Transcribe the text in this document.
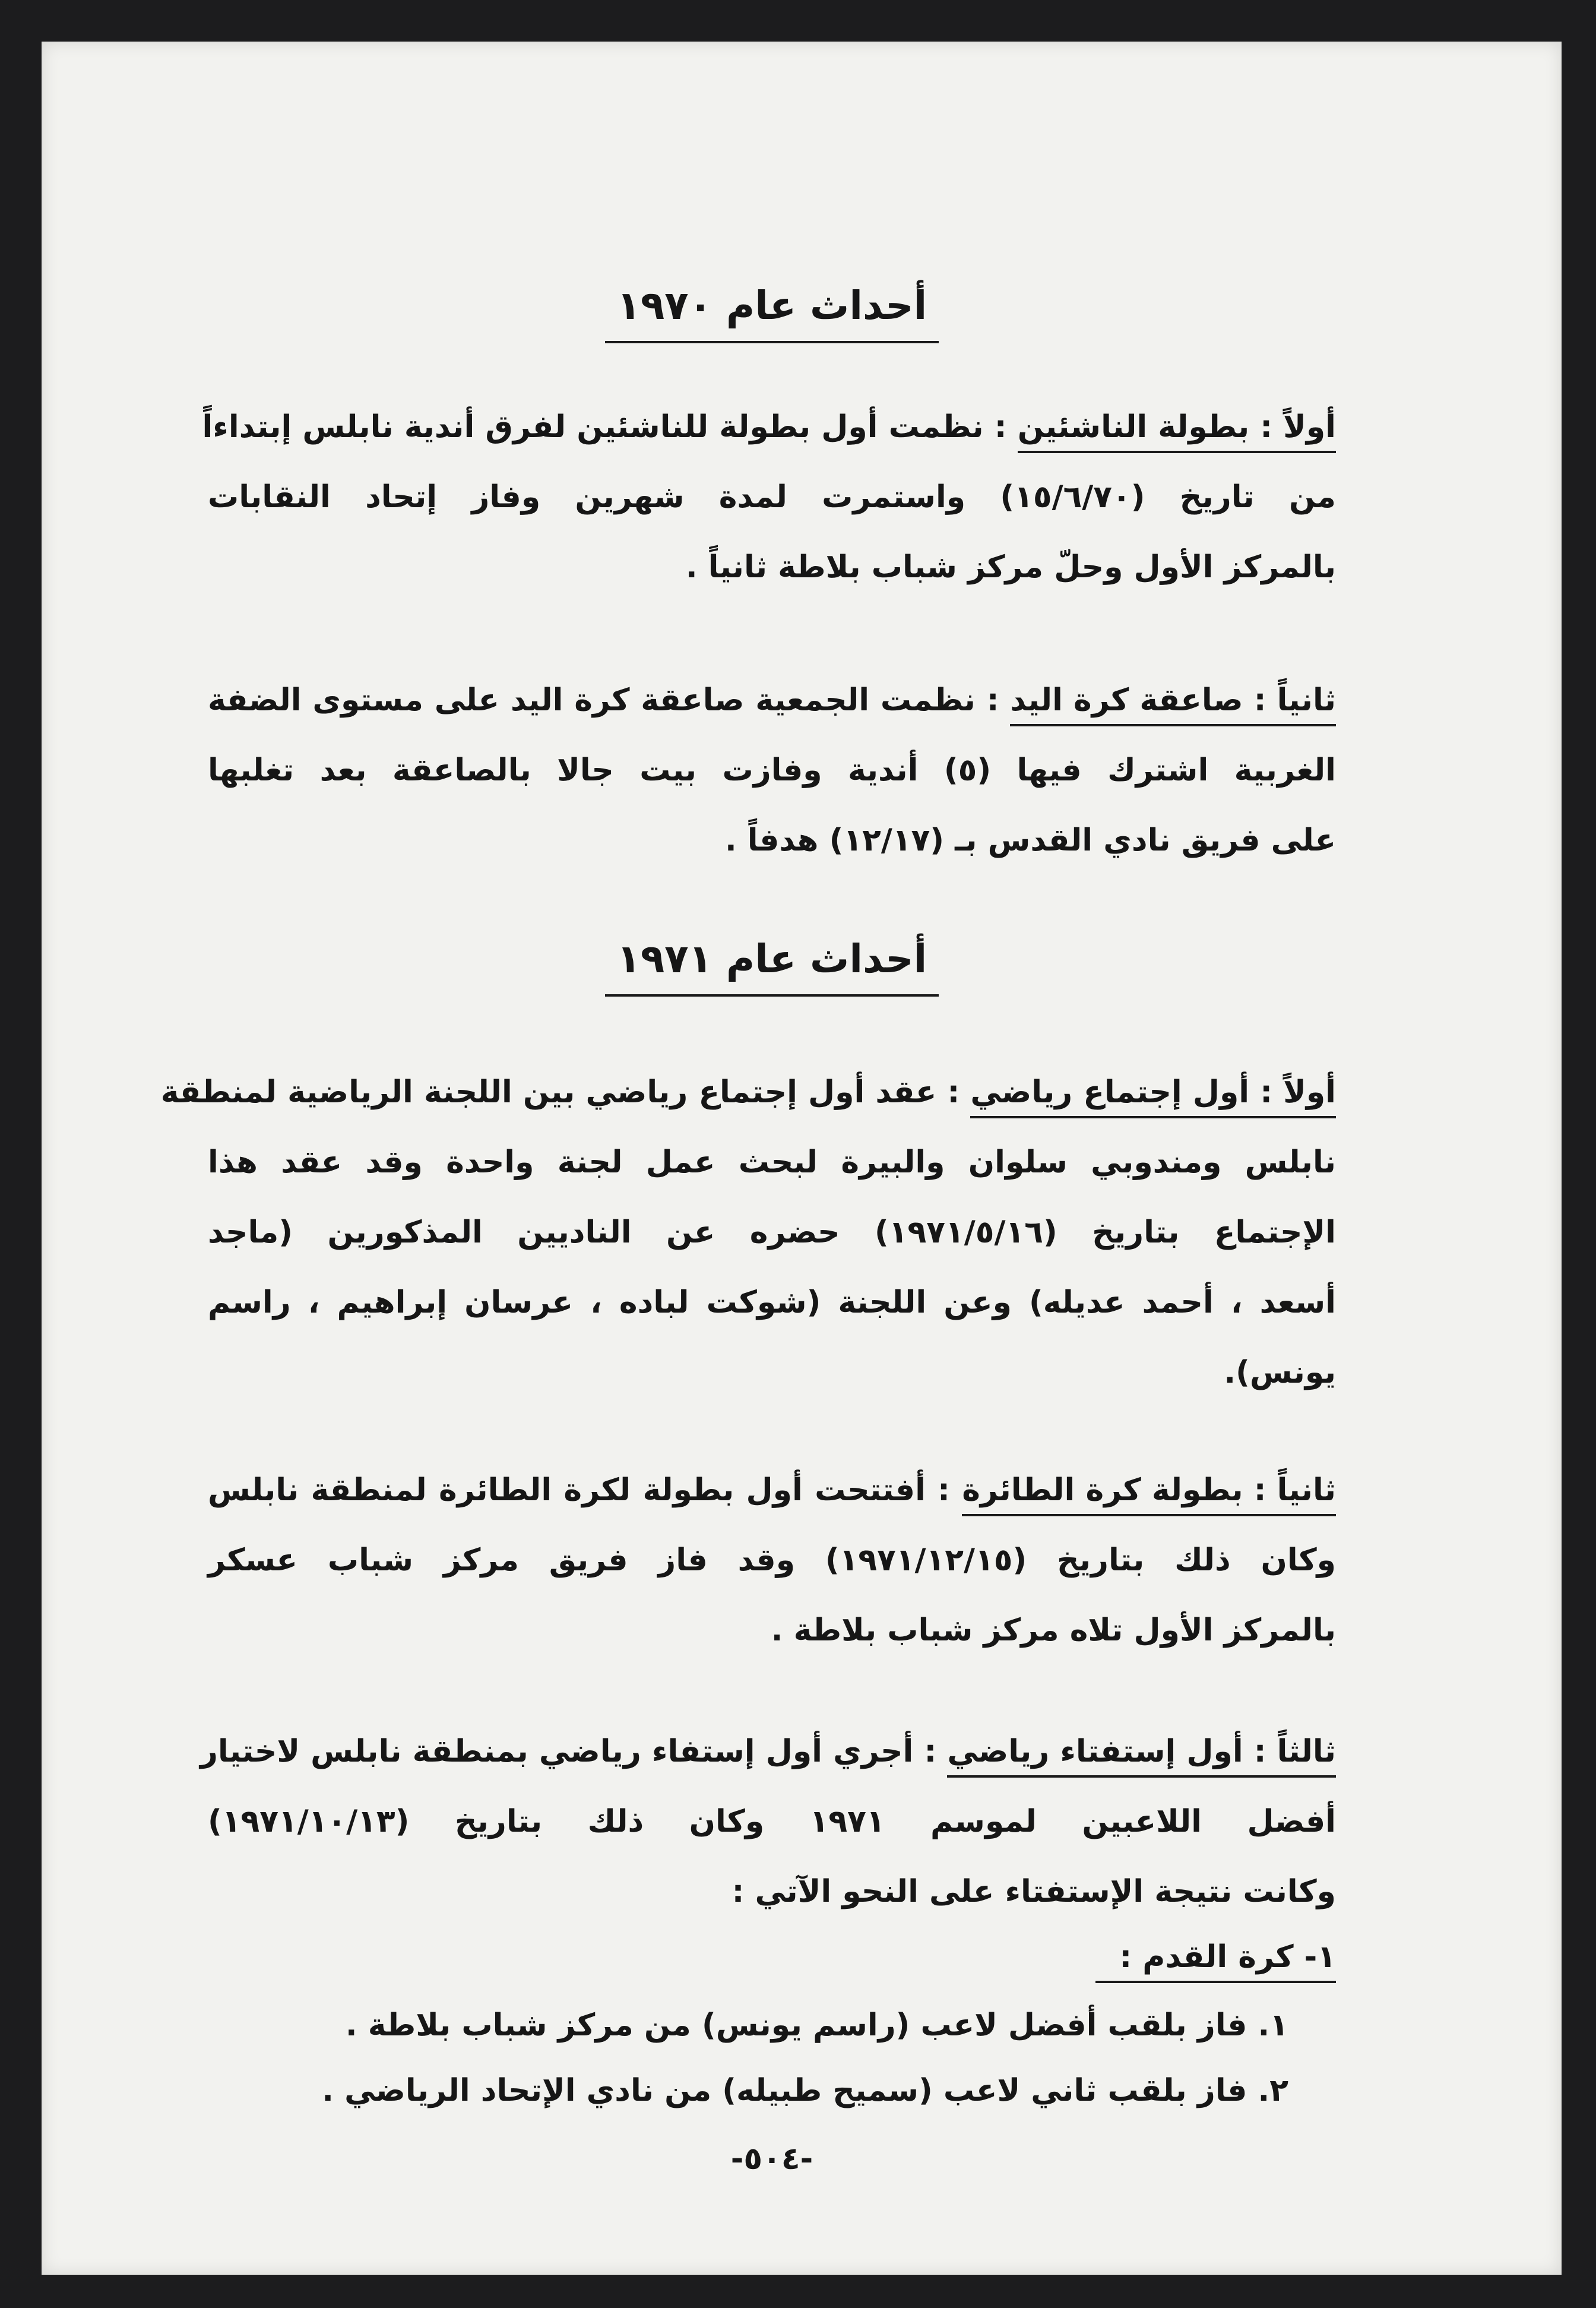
أحداث عام ١٩٧٠
أولاً : بطولة الناشئين : نظمت أول بطولة للناشئين لفرق أندية نابلس إبتداءاً
من تاريخ (١٥/٦/٧٠) واستمرت لمدة شهرين وفاز إتحاد النقابات
بالمركز الأول وحلّ مركز شباب بلاطة ثانياً .
ثانياً : صاعقة كرة اليد : نظمت الجمعية صاعقة كرة اليد على مستوى الضفة
الغربية اشترك فيها (٥) أندية وفازت بيت جالا بالصاعقة بعد تغلبها
على فريق نادي القدس بـ (١٢/١٧) هدفاً .
أحداث عام ١٩٧١
أولاً : أول إجتماع رياضي : عقد أول إجتماع رياضي بين اللجنة الرياضية لمنطقة
نابلس ومندوبي سلوان والبيرة لبحث عمل لجنة واحدة وقد عقد هذا
الإجتماع بتاريخ (١٩٧١/٥/١٦) حضره عن الناديين المذكورين (ماجد
أسعد ، أحمد عديله) وعن اللجنة (شوكت لباده ، عرسان إبراهيم ، راسم
يونس).
ثانياً : بطولة كرة الطائرة : أفتتحت أول بطولة لكرة الطائرة لمنطقة نابلس
وكان ذلك بتاريخ (١٩٧١/١٢/١٥) وقد فاز فريق مركز شباب عسكر
بالمركز الأول تلاه مركز شباب بلاطة .
ثالثاً : أول إستفتاء رياضي : أجري أول إستفاء رياضي بمنطقة نابلس لاختيار
أفضل اللاعبين لموسم ١٩٧١ وكان ذلك بتاريخ (١٩٧١/١٠/١٣)
وكانت نتيجة الإستفتاء على النحو الآتي :
١- كرة القدم :
١. فاز بلقب أفضل لاعب (راسم يونس) من مركز شباب بلاطة .
٢. فاز بلقب ثاني لاعب (سميح طبيله) من نادي الإتحاد الرياضي .
-٥٠٤-
